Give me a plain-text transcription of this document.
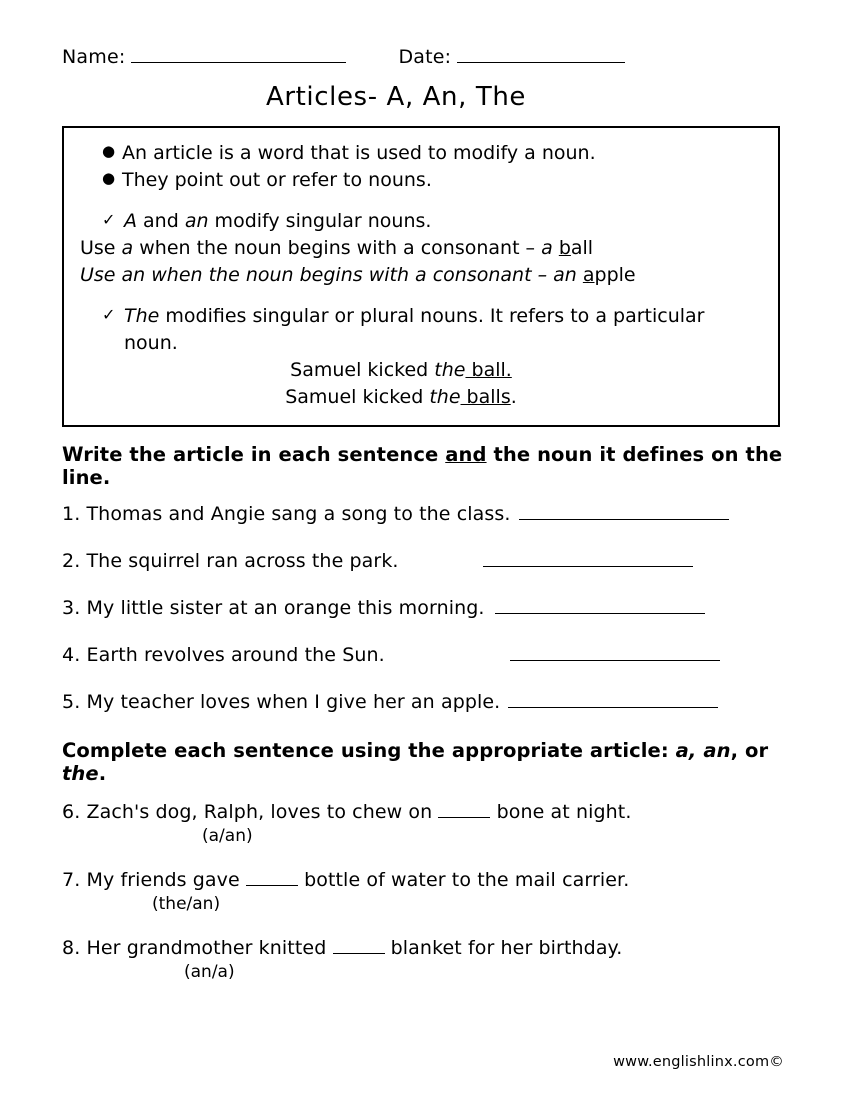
Name:	Date:
Articles- A, An, The
● An article is a word that is used to modify a noun.
● They point out or refer to nouns.
✓ A and an modify singular nouns.
Use a when the noun begins with a consonant – a ball
Use an when the noun begins with a consonant – an apple
✓ The modifies singular or plural nouns. It refers to a particular noun.
Samuel kicked the ball.
Samuel kicked the balls.
Write the article in each sentence and the noun it defines on the line.
1.
Thomas and Angie sang a song to the class.
2.
The squirrel ran across the park.
3.
My little sister at an orange this morning.
4.
Earth revolves around the Sun.
5.
My teacher loves when I give her an apple.
Complete each sentence using the appropriate article: a, an, or the.
6. Zach's dog, Ralph, loves to chew on	bone at night.
(a/an)
7. My friends gave	bottle of water to the mail carrier.
(the/an)
8. Her grandmother knitted	blanket for her birthday.
(an/a)
www.englishlinx.com©
